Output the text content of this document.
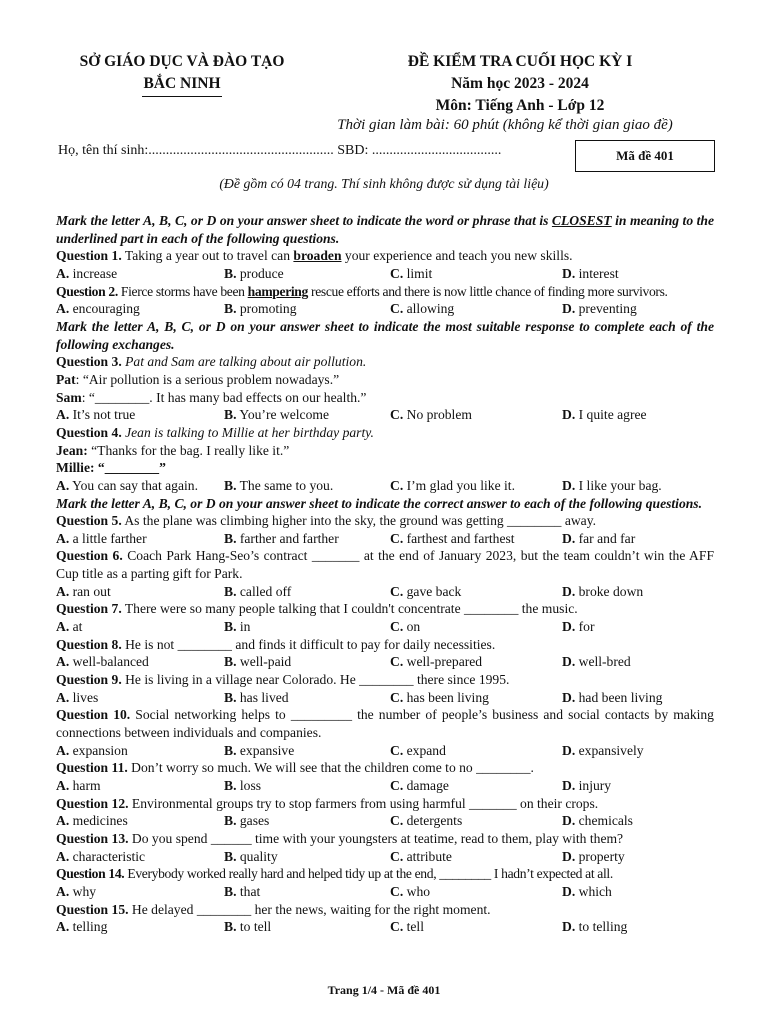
SỞ GIÁO DỤC VÀ ĐÀO TẠO
BẮC NINH
ĐỀ KIỂM TRA CUỐI HỌC KỲ I
Năm học 2023 - 2024
Môn: Tiếng Anh - Lớp 12
Thời gian làm bài: 60 phút (không kể thời gian giao đề)
Họ, tên thí sinh:..................................................... SBD: .....................................	Mã đề 401
(Đề gồm có 04 trang. Thí sinh không được sử dụng tài liệu)
Mark the letter A, B, C, or D on your answer sheet to indicate the word or phrase that is CLOSEST in meaning to the underlined part in each of the following questions.
Question 1. Taking a year out to travel can broaden your experience and teach you new skills.
A. increase	B. produce	C. limit	D. interest
Question 2. Fierce storms have been hampering rescue efforts and there is now little chance of finding more survivors.
A. encouraging	B. promoting	C. allowing	D. preventing
Mark the letter A, B, C, or D on your answer sheet to indicate the most suitable response to complete each of the following exchanges.
Question 3. Pat and Sam are talking about air pollution.
Pat: “Air pollution is a serious problem nowadays.”
Sam: “________. It has many bad effects on our health.”
A. It’s not true	B. You’re welcome	C. No problem	D. I quite agree
Question 4. Jean is talking to Millie at her birthday party.
Jean: “Thanks for the bag. I really like it.”
Millie: “________”
A. You can say that again.	B. The same to you.	C. I’m glad you like it.	D. I like your bag.
Mark the letter A, B, C, or D on your answer sheet to indicate the correct answer to each of the following questions.
Question 5. As the plane was climbing higher into the sky, the ground was getting ________ away.
A. a little farther	B. farther and farther	C. farthest and farthest	D. far and far
Question 6. Coach Park Hang-Seo’s contract _______ at the end of January 2023, but the team couldn’t win the AFF Cup title as a parting gift for Park.
A. ran out	B. called off	C. gave back	D. broke down
Question 7. There were so many people talking that I couldn't concentrate ________ the music.
A. at	B. in	C. on	D. for
Question 8. He is not ________ and finds it difficult to pay for daily necessities.
A. well-balanced	B. well-paid	C. well-prepared	D. well-bred
Question 9. He is living in a village near Colorado. He ________ there since 1995.
A. lives	B. has lived	C. has been living	D. had been living
Question 10. Social networking helps to _________ the number of people’s business and social contacts by making connections between individuals and companies.
A. expansion	B. expansive	C. expand	D. expansively
Question 11. Don’t worry so much. We will see that the children come to no ________.
A. harm	B. loss	C. damage	D. injury
Question 12. Environmental groups try to stop farmers from using harmful _______ on their crops.
A. medicines	B. gases	C. detergents	D. chemicals
Question 13. Do you spend ______ time with your youngsters at teatime, read to them, play with them?
A. characteristic	B. quality	C. attribute	D. property
Question 14. Everybody worked really hard and helped tidy up at the end, ________ I hadn’t expected at all.
A. why	B. that	C. who	D. which
Question 15. He delayed ________ her the news, waiting for the right moment.
A. telling	B. to tell	C. tell	D. to telling
Trang 1/4 - Mã đề 401
